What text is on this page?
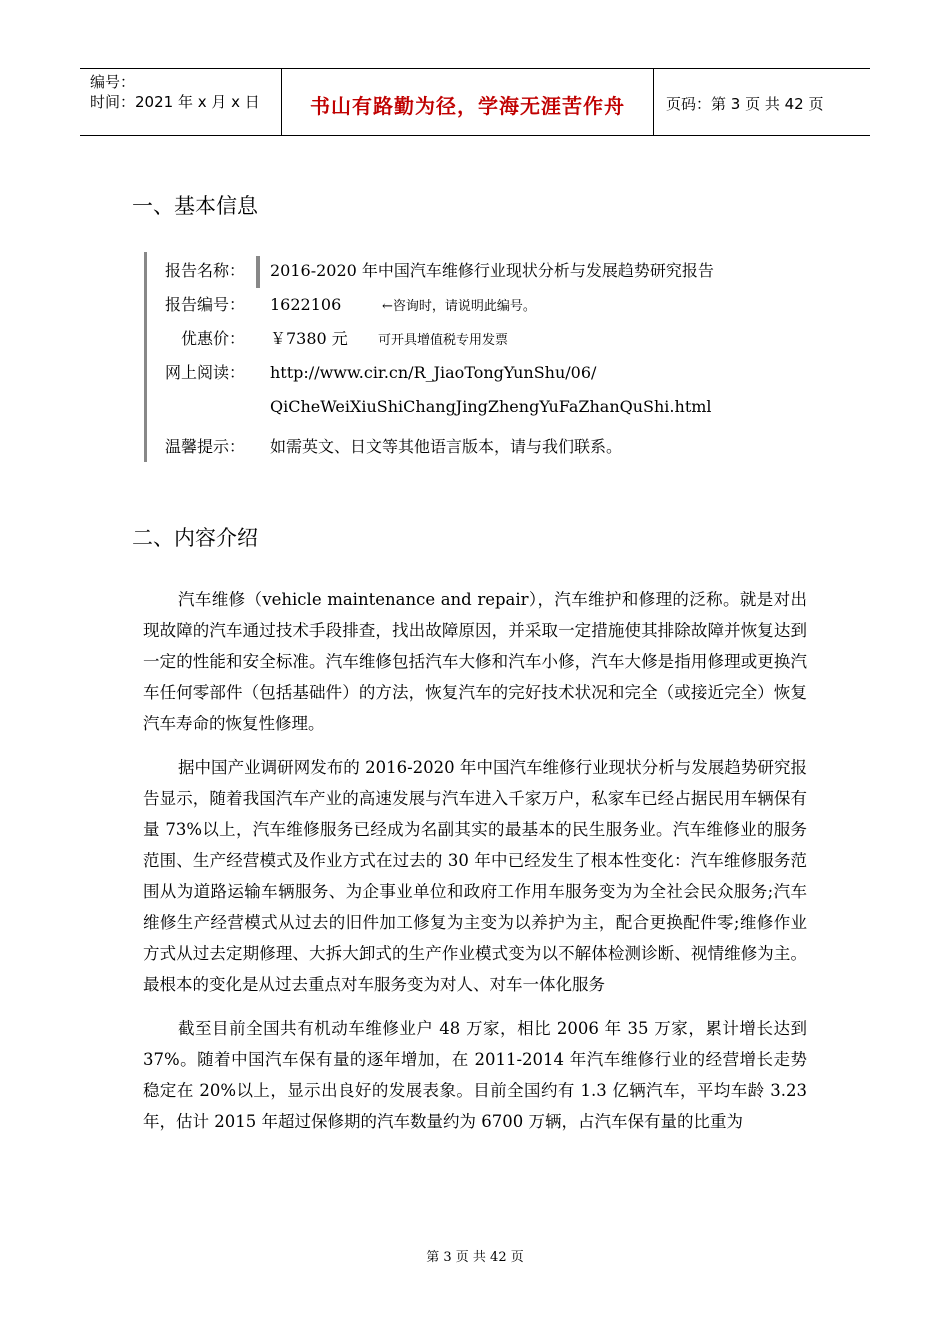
编号：
时间：2021 年 x 月 x 日	书山有路勤为径，学海无涯苦作舟	页码：第 3 页 共 42 页
一、基本信息
报告名称： 2016-2020 年中国汽车维修行业现状分析与发展趋势研究报告
报告编号： 1622106	←咨询时，请说明此编号。
优惠价： ￥7380 元 可开具增值税专用发票
网上阅读： http://www.cir.cn/R_JiaoTongYunShu/06/
QiCheWeiXiuShiChangJingZhengYuFaZhanQuShi.html
温馨提示： 如需英文、日文等其他语言版本，请与我们联系。
二、内容介绍

汽车维修（vehicle maintenance and repair），汽车维护和修理的泛称。就是对出现故障的汽车通过技术手段排查，找出故障原因，并采取一定措施使其排除故障并恢复达到一定的性能和安全标准。汽车维修包括汽车大修和汽车小修，汽车大修是指用修理或更换汽车任何零部件（包括基础件）的方法，恢复汽车的完好技术状况和完全（或接近完全）恢复汽车寿命的恢复性修理。

据中国产业调研网发布的 2016-2020 年中国汽车维修行业现状分析与发展趋势研究报告显示，随着我国汽车产业的高速发展与汽车进入千家万户，私家车已经占据民用车辆保有量 73%以上，汽车维修服务已经成为名副其实的最基本的民生服务业。汽车维修业的服务范围、生产经营模式及作业方式在过去的 30 年中已经发生了根本性变化：汽车维修服务范围从为道路运输车辆服务、为企事业单位和政府工作用车服务变为为全社会民众服务;汽车维修生产经营模式从过去的旧件加工修复为主变为以养护为主，配合更换配件零;维修作业方式从过去定期修理、大拆大卸式的生产作业模式变为以不解体检测诊断、视情维修为主。最根本的变化是从过去重点对车服务变为对人、对车一体化服务

截至目前全国共有机动车维修业户 48 万家，相比 2006 年 35 万家，累计增长达到 37%。随着中国汽车保有量的逐年增加，在 2011-2014 年汽车维修行业的经营增长走势稳定在 20%以上，显示出良好的发展表象。目前全国约有 1.3 亿辆汽车，平均车龄 3.23 年，估计 2015 年超过保修期的汽车数量约为 6700 万辆，占汽车保有量的比重为

第 3 页 共 42 页
